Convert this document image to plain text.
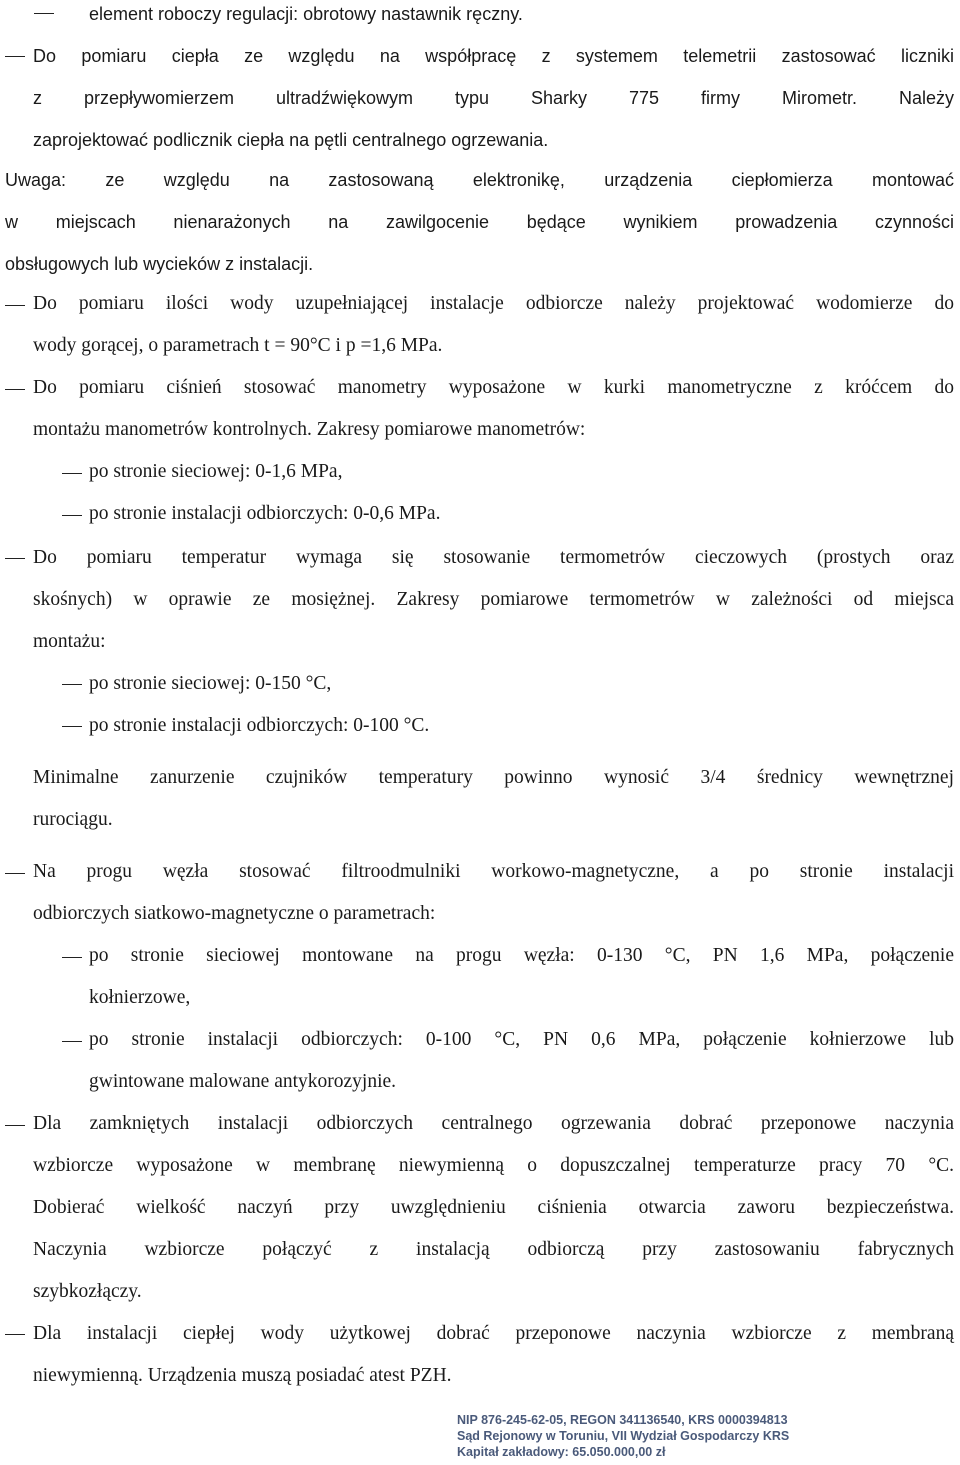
element roboczy regulacji: obrotowy nastawnik ręczny.
Do pomiaru ciepła ze względu na współpracę z systemem telemetrii zastosować liczniki
z przepływomierzem ultradźwiękowym typu Sharky 775 firmy Mirometr. Należy
zaprojektować podlicznik ciepła na pętli centralnego ogrzewania.
Uwaga: ze względu na zastosowaną elektronikę, urządzenia ciepłomierza montować
w miejscach nienarażonych na zawilgocenie będące wynikiem prowadzenia czynności
obsługowych lub wycieków z instalacji.
Do pomiaru ilości wody uzupełniającej instalacje odbiorcze należy projektować wodomierze do
wody gorącej, o parametrach t = 90°C i p =1,6 MPa.
Do pomiaru ciśnień stosować manometry wyposażone w kurki manometryczne z króćcem do
montażu manometrów kontrolnych. Zakresy pomiarowe manometrów:
po stronie sieciowej: 0-1,6 MPa,
po stronie instalacji odbiorczych: 0-0,6 MPa.
Do pomiaru temperatur wymaga się stosowanie termometrów cieczowych (prostych oraz
skośnych) w oprawie ze mosiężnej. Zakresy pomiarowe termometrów w zależności od miejsca
montażu:
po stronie sieciowej: 0-150 °C,
po stronie instalacji odbiorczych: 0-100 °C.
Minimalne zanurzenie czujników temperatury powinno wynosić 3/4 średnicy wewnętrznej
rurociągu.
Na progu węzła stosować filtroodmulniki workowo-magnetyczne, a po stronie instalacji
odbiorczych siatkowo-magnetyczne o parametrach:
po stronie sieciowej montowane na progu węzła: 0-130 °C, PN 1,6 MPa, połączenie
kołnierzowe,
po stronie instalacji odbiorczych: 0-100 °C, PN 0,6 MPa, połączenie kołnierzowe lub
gwintowane malowane antykorozyjnie.
Dla zamkniętych instalacji odbiorczych centralnego ogrzewania dobrać przeponowe naczynia
wzbiorcze wyposażone w membranę niewymienną o dopuszczalnej temperaturze pracy 70 °C.
Dobierać wielkość naczyń przy uwzględnieniu ciśnienia otwarcia zaworu bezpieczeństwa.
Naczynia wzbiorcze połączyć z instalacją odbiorczą przy zastosowaniu fabrycznych
szybkozłączy.
Dla instalacji ciepłej wody użytkowej dobrać przeponowe naczynia wzbiorcze z membraną
niewymienną. Urządzenia muszą posiadać atest PZH.
NIP 876-245-62-05, REGON 341136540, KRS 0000394813
Sąd Rejonowy w Toruniu, VII Wydział Gospodarczy KRS
Kapitał zakładowy: 65.050.000,00 zł
